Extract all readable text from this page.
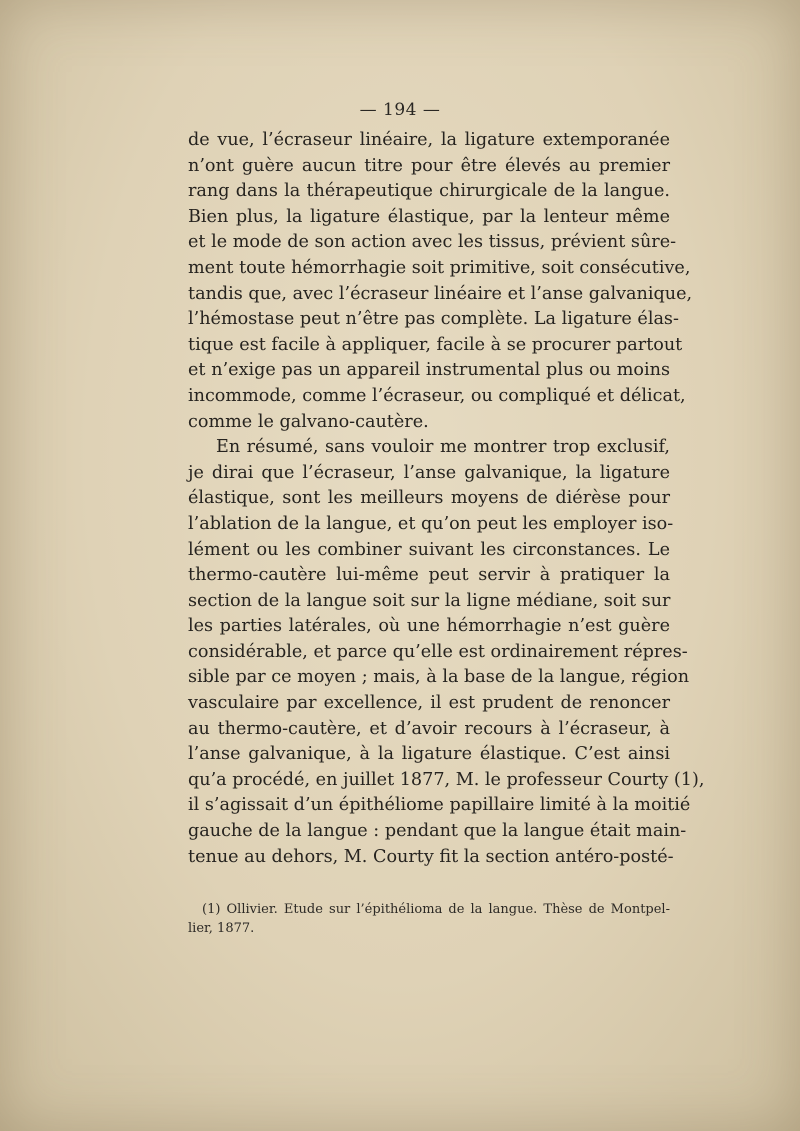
— 194 —
de vue, l’écraseur linéaire, la ligature extemporanée
n’ont guère aucun titre pour être élevés au premier
rang dans la thérapeutique chirurgicale de la langue.
Bien plus, la ligature élastique, par la lenteur même
et le mode de son action avec les tissus, prévient sûre-
ment toute hémorrhagie soit primitive, soit consécutive,
tandis que, avec l’écraseur linéaire et l’anse galvanique,
l’hémostase peut n’être pas complète. La ligature élas-
tique est facile à appliquer, facile à se procurer partout
et n’exige pas un appareil instrumental plus ou moins
incommode, comme l’écraseur, ou compliqué et délicat,
comme le galvano-cautère.
En résumé, sans vouloir me montrer trop exclusif,
je dirai que l’écraseur, l’anse galvanique, la ligature
élastique, sont les meilleurs moyens de diérèse pour
l’ablation de la langue, et qu’on peut les employer iso-
lément ou les combiner suivant les circonstances. Le
thermo-cautère lui-même peut servir à pratiquer la
section de la langue soit sur la ligne médiane, soit sur
les parties latérales, où une hémorrhagie n’est guère
considérable, et parce qu’elle est ordinairement répres-
sible par ce moyen ; mais, à la base de la langue, région
vasculaire par excellence, il est prudent de renoncer
au thermo-cautère, et d’avoir recours à l’écraseur, à
l’anse galvanique, à la ligature élastique. C’est ainsi
qu’a procédé, en juillet 1877, M. le professeur Courty (1),
il s’agissait d’un épithéliome papillaire limité à la moitié
gauche de la langue : pendant que la langue était main-
tenue au dehors, M. Courty fit la section antéro-posté-
(1) Ollivier. Etude sur l’épithélioma de la langue. Thèse de Montpel-
lier, 1877.
